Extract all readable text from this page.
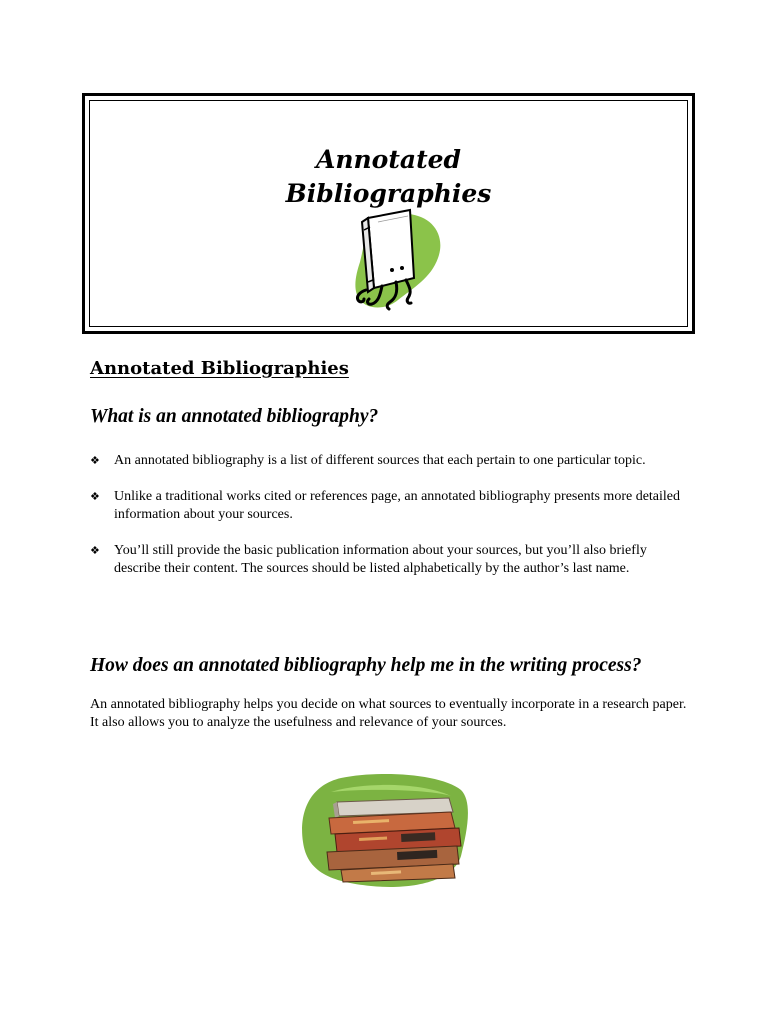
Annotated
Bibliographies
Annotated Bibliographies
What is an annotated bibliography?
❖ An annotated bibliography is a list of different sources that each pertain to one particular topic.
❖ Unlike a traditional works cited or references page, an annotated bibliography presents more detailed information about your sources.
❖ You’ll still provide the basic publication information about your sources, but you’ll also briefly describe their content. The sources should be listed alphabetically by the author’s last name.
How does an annotated bibliography help me in the writing process?

An annotated bibliography helps you decide on what sources to eventually incorporate in a research paper. It also allows you to analyze the usefulness and relevance of your sources.
